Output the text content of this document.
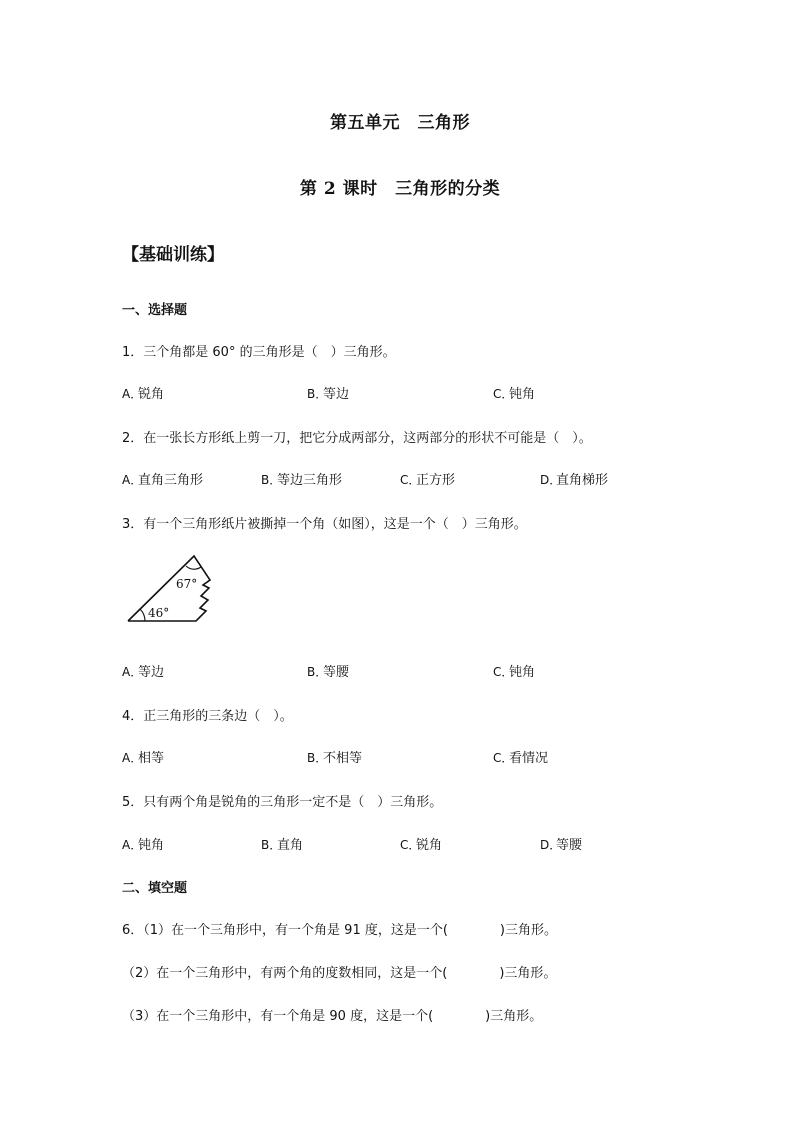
第五单元　三角形
第 2 课时　三角形的分类
【基础训练】
一、选择题
1．三个角都是 60° 的三角形是（　）三角形。
A．锐角	B．等边	C．钝角
2．在一张长方形纸上剪一刀，把它分成两部分，这两部分的形状不可能是（　）。
A．直角三角形	B．等边三角形	C．正方形	D．直角梯形
3．有一个三角形纸片被撕掉一个角（如图），这是一个（　）三角形。
67°
46°
A．等边	B．等腰	C．钝角
4．正三角形的三条边（　）。
A．相等	B．不相等	C．看情况
5．只有两个角是锐角的三角形一定不是（　）三角形。
A．钝角	B．直角	C．锐角	D．等腰
二、填空题
6．（1）在一个三角形中，有一个角是 91 度，这是一个(　　　　)三角形。
（2）在一个三角形中，有两个角的度数相同，这是一个(　　　　)三角形。
（3）在一个三角形中，有一个角是 90 度，这是一个(　　　　)三角形。
